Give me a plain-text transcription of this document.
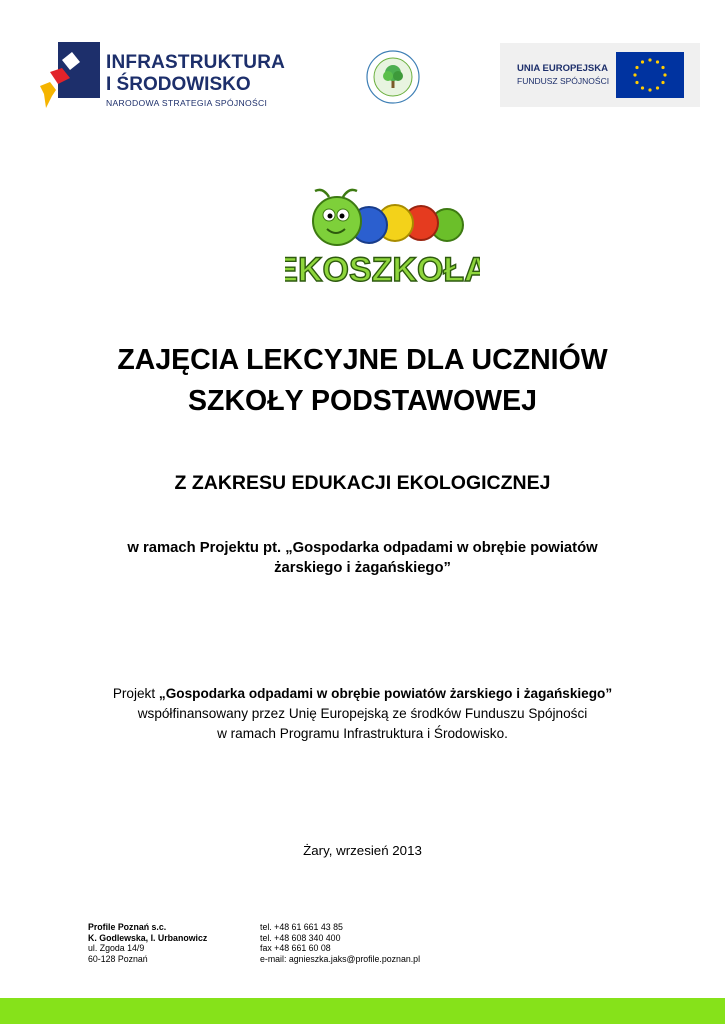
INFRASTRUKTURA
I ŚRODOWISKO
NARODOWA STRATEGIA SPÓJNOŚCI
UNIA EUROPEJSKA
FUNDUSZ SPÓJNOŚCI
EKOSZKOŁA
ZAJĘCIA LEKCYJNE DLA UCZNIÓW
SZKOŁY PODSTAWOWEJ
Z ZAKRESU EDUKACJI EKOLOGICZNEJ
w ramach Projektu pt. „Gospodarka odpadami w obrębie powiatów
żarskiego i żagańskiego”
Projekt „Gospodarka odpadami w obrębie powiatów żarskiego i żagańskiego”
współfinansowany przez Unię Europejską ze środków Funduszu Spójności
w ramach Programu Infrastruktura i Środowisko.
Żary, wrzesień 2013
Profile Poznań s.c.
K. Godlewska, I. Urbanowicz
ul. Zgoda 14/9
60-128 Poznań
tel. +48 61 661 43 85
tel. +48 608 340 400
fax +48 661 60 08
e-mail: agnieszka.jaks@profile.poznan.pl
